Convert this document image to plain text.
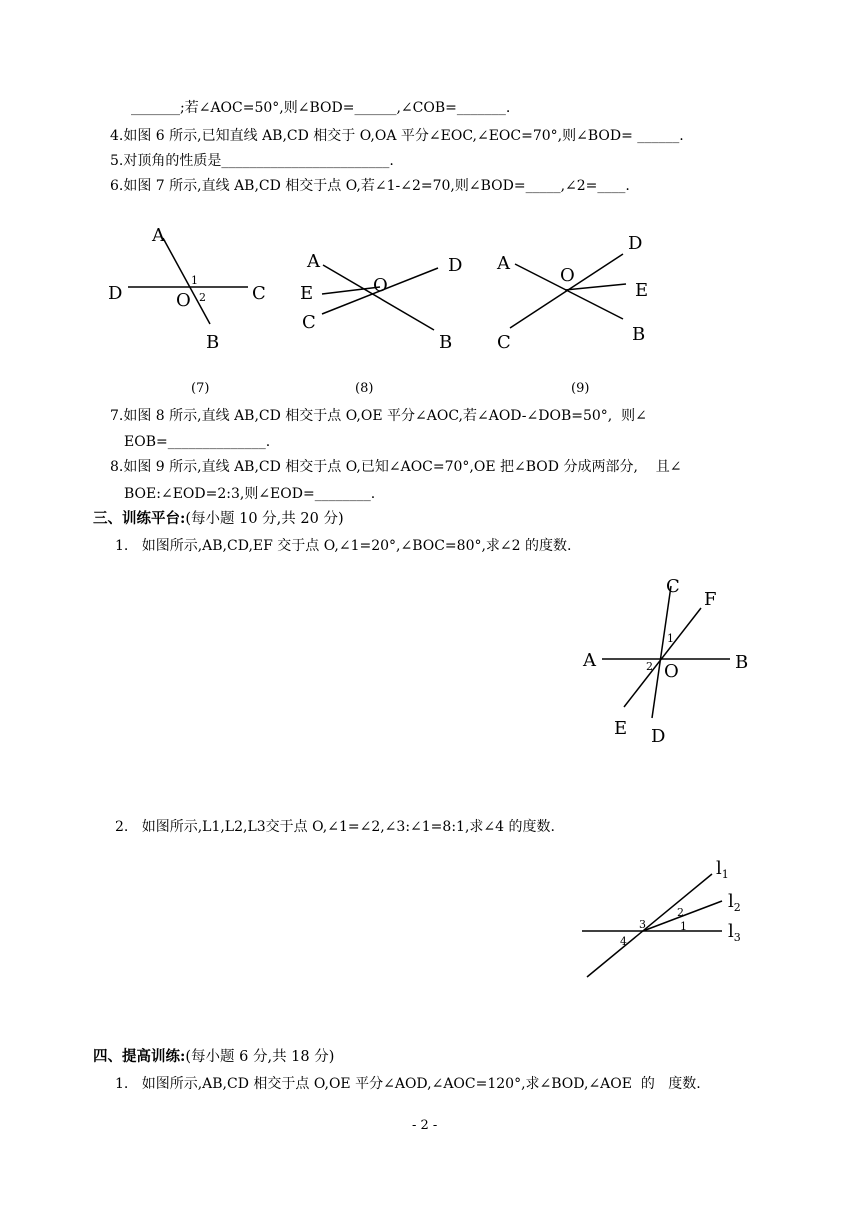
_______;若∠AOC=50°,则∠BOD=______,∠COB=_______.
4.如图 6 所示,已知直线 AB,CD 相交于 O,OA 平分∠EOC,∠EOC=70°,则∠BOD= ______.
5.对顶角的性质是________________________.
6.如图 7 所示,直线 AB,CD 相交于点 O,若∠1-∠2=70,则∠BOD=_____,∠2=____.
A
D	C
B
O
1
2
A	D
E
C
B
O
A
D
E
C	B
O
(7)	(8)	(9)
7.如图 8 所示,直线 AB,CD 相交于点 O,OE 平分∠AOC,若∠AOD-∠DOB=50°,  则∠
EOB=______________.
8.如图 9 所示,直线 AB,CD 相交于点 O,已知∠AOC=70°,OE 把∠BOD 分成两部分,    且∠
BOE:∠EOD=2:3,则∠EOD=________.
三、训练平台:(每小题 10 分,共 20 分)
1.   如图所示,AB,CD,EF 交于点 O,∠1=20°,∠BOC=80°,求∠2 的度数.
C
F
A	B
O
E D
1
2
2.   如图所示,L1,L2,L3交于点 O,∠1=∠2,∠3:∠1=8:1,求∠4 的度数.
$l_1$
$l_2$
$l_3$
1
2
3
4
四、提高训练:(每小题 6 分,共 18 分)
1.   如图所示,AB,CD 相交于点 O,OE 平分∠AOD,∠AOC=120°,求∠BOD,∠AOE  的   度数.
- 2 -
